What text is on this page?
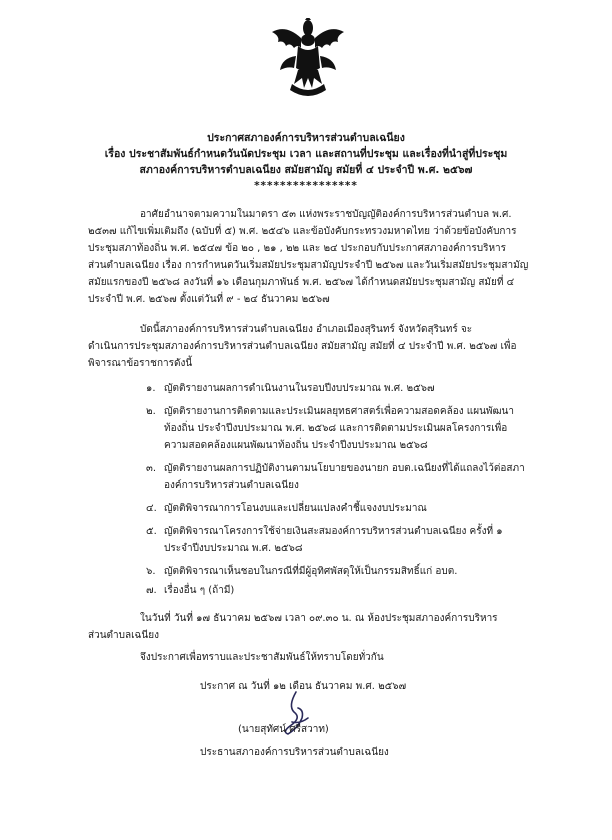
ประกาศสภาองค์การบริหารส่วนตำบลเฉนียง
เรื่อง ประชาสัมพันธ์กำหนดวันนัดประชุม เวลา และสถานที่ประชุม และเรื่องที่นำสู่ที่ประชุม
สภาองค์การบริหารตำบลเฉนียง สมัยสามัญ สมัยที่ ๔ ประจำปี พ.ศ. ๒๕๖๗
****************
อาศัยอำนาจตามความในมาตรา ๕๓ แห่งพระราชบัญญัติองค์การบริหารส่วนตำบล พ.ศ.
๒๕๓๗ แก้ไขเพิ่มเติมถึง (ฉบับที่ ๕) พ.ศ. ๒๕๔๖ และข้อบังคับกระทรวงมหาดไทย ว่าด้วยข้อบังคับการ
ประชุมสภาท้องถิ่น พ.ศ. ๒๕๔๗ ข้อ ๒๐ , ๒๑ , ๒๒ และ ๒๔ ประกอบกับประกาศสภาองค์การบริหาร
ส่วนตำบลเฉนียง เรื่อง การกำหนดวันเริ่มสมัยประชุมสามัญประจำปี ๒๕๖๗ และวันเริ่มสมัยประชุมสามัญ
สมัยแรกของปี ๒๕๖๘ ลงวันที่ ๑๖ เดือนกุมภาพันธ์ พ.ศ. ๒๕๖๗ ได้กำหนดสมัยประชุมสามัญ สมัยที่ ๔
ประจำปี พ.ศ. ๒๕๖๗ ตั้งแต่วันที่ ๙ - ๒๔ ธันวาคม ๒๕๖๗
บัดนี้สภาองค์การบริหารส่วนตำบลเฉนียง อำเภอเมืองสุรินทร์ จังหวัดสุรินทร์ จะ
ดำเนินการประชุมสภาองค์การบริหารส่วนตำบลเฉนียง สมัยสามัญ สมัยที่ ๔ ประจำปี พ.ศ. ๒๕๖๗ เพื่อ
พิจารณาข้อราชการดังนี้
๑. ญัตติรายงานผลการดำเนินงานในรอบปีงบประมาณ พ.ศ. ๒๕๖๗
๒. ญัตติรายงานการติดตามและประเมินผลยุทธศาสตร์เพื่อความสอดคล้อง แผนพัฒนา
ท้องถิ่น ประจำปีงบประมาณ พ.ศ. ๒๕๖๘ และการติดตามประเมินผลโครงการเพื่อ
ความสอดคล้องแผนพัฒนาท้องถิ่น ประจำปีงบประมาณ ๒๕๖๘
๓. ญัตติรายงานผลการปฏิบัติงานตามนโยบายของนายก อบต.เฉนียงที่ได้แถลงไว้ต่อสภา
องค์การบริหารส่วนตำบลเฉนียง
๔. ญัตติพิจารณาการโอนงบและเปลี่ยนแปลงคำชี้แจงงบประมาณ
๕. ญัตติพิจารณาโครงการใช้จ่ายเงินสะสมองค์การบริหารส่วนตำบลเฉนียง ครั้งที่ ๑
ประจำปีงบประมาณ พ.ศ. ๒๕๖๘
๖. ญัตติพิจารณาเห็นชอบในกรณีที่มีผู้อุทิศพัสดุให้เป็นกรรมสิทธิ์แก่ อบต.
๗. เรื่องอื่น ๆ (ถ้ามี)
ในวันที่ วันที่ ๑๗ ธันวาคม ๒๕๖๗ เวลา ๐๙.๓๐ น. ณ ห้องประชุมสภาองค์การบริหาร
ส่วนตำบลเฉนียง
จึงประกาศเพื่อทราบและประชาสัมพันธ์ให้ทราบโดยทั่วกัน
ประกาศ ณ วันที่ ๑๒ เดือน ธันวาคม พ.ศ. ๒๕๖๗
(นายสุทัศน์ ศรีสวาท)
ประธานสภาองค์การบริหารส่วนตำบลเฉนียง
